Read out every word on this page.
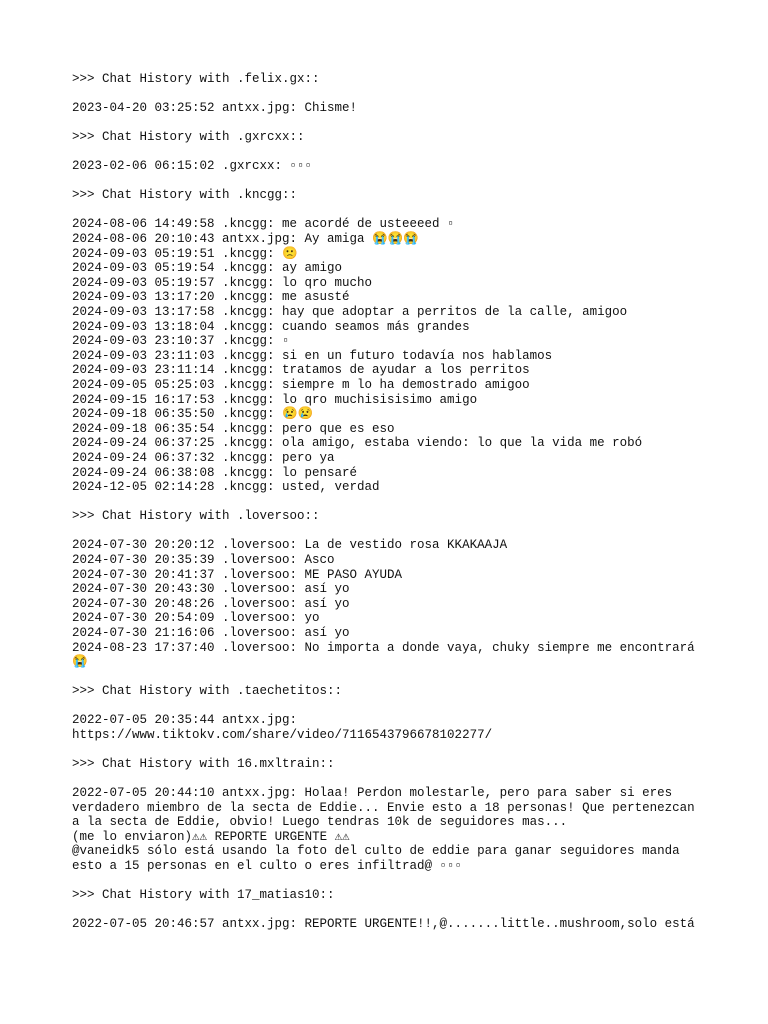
>>> Chat History with .felix.gx::
2023-04-20 03:25:52 antxx.jpg: Chisme!
>>> Chat History with .gxrcxx::
2023-02-06 06:15:02 .gxrcxx: ▫▫▫
>>> Chat History with .kncgg::
2024-08-06 14:49:58 .kncgg: me acordé de usteeeed ▫
2024-08-06 20:10:43 antxx.jpg: Ay amiga 😭😭😭
2024-09-03 05:19:51 .kncgg: 🙁
2024-09-03 05:19:54 .kncgg: ay amigo
2024-09-03 05:19:57 .kncgg: lo qro mucho
2024-09-03 13:17:20 .kncgg: me asusté
2024-09-03 13:17:58 .kncgg: hay que adoptar a perritos de la calle, amigoo
2024-09-03 13:18:04 .kncgg: cuando seamos más grandes
2024-09-03 23:10:37 .kncgg: ▫
2024-09-03 23:11:03 .kncgg: si en un futuro todavía nos hablamos
2024-09-03 23:11:14 .kncgg: tratamos de ayudar a los perritos
2024-09-05 05:25:03 .kncgg: siempre m lo ha demostrado amigoo
2024-09-15 16:17:53 .kncgg: lo qro muchisisisimo amigo
2024-09-18 06:35:50 .kncgg: 😢😢
2024-09-18 06:35:54 .kncgg: pero que es eso
2024-09-24 06:37:25 .kncgg: ola amigo, estaba viendo: lo que la vida me robó
2024-09-24 06:37:32 .kncgg: pero ya
2024-09-24 06:38:08 .kncgg: lo pensaré
2024-12-05 02:14:28 .kncgg: usted, verdad
>>> Chat History with .loversoo::
2024-07-30 20:20:12 .loversoo: La de vestido rosa KKAKAAJA
2024-07-30 20:35:39 .loversoo: Asco
2024-07-30 20:41:37 .loversoo: ME PASO AYUDA
2024-07-30 20:43:30 .loversoo: así yo
2024-07-30 20:48:26 .loversoo: así yo
2024-07-30 20:54:09 .loversoo: yo
2024-07-30 21:16:06 .loversoo: así yo
2024-08-23 17:37:40 .loversoo: No importa a donde vaya, chuky siempre me encontrará
😭
>>> Chat History with .taechetitos::
2022-07-05 20:35:44 antxx.jpg:
https://www.tiktokv.com/share/video/7116543796678102277/
>>> Chat History with 16.mxltrain::
2022-07-05 20:44:10 antxx.jpg: Holaa! Perdon molestarle, pero para saber si eres
verdadero miembro de la secta de Eddie... Envie esto a 18 personas! Que pertenezcan
a la secta de Eddie, obvio! Luego tendras 10k de seguidores mas...
(me lo enviaron)⚠⚠ REPORTE URGENTE ⚠⚠
@vaneidk5 sólo está usando la foto del culto de eddie para ganar seguidores manda
esto a 15 personas en el culto o eres infiltrad@ ▫▫▫
>>> Chat History with 17_matias10::
2022-07-05 20:46:57 antxx.jpg: REPORTE URGENTE!!,@.......little..mushroom,solo está
